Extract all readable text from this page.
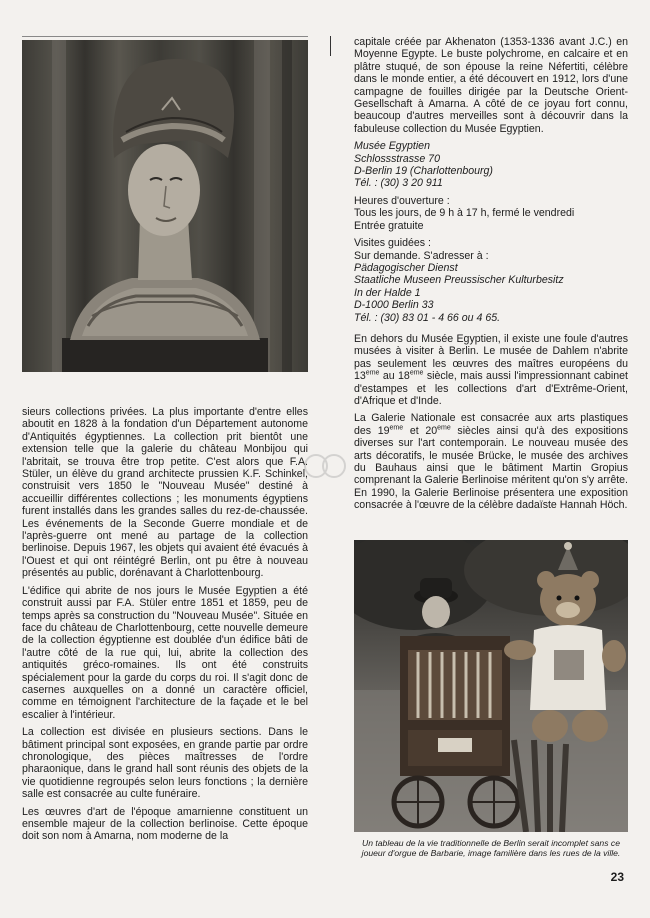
sieurs collections privées. La plus importante d'entre elles aboutit en 1828 à la fondation d'un Département autonome d'Antiquités égyptiennes. La collection prit bientôt une extension telle que la galerie du château Monbijou qui l'abritait, se trouva être trop petite. C'est alors que F.A. Stüler, un élève du grand architecte prussien K.F. Schinkel, construisit vers 1850 le "Nouveau Musée" destiné à accueillir différentes collections ; les monuments égyptiens furent installés dans les grandes salles du rez-de-chaussée. Les événements de la Seconde Guerre mondiale et de l'après-guerre ont mené au partage de la collection berlinoise. Depuis 1967, les objets qui avaient été évacués à l'Ouest et qui ont réintégré Berlin, ont pu être à nouveau présentés au public, dorénavant à Charlottenbourg.

L'édifice qui abrite de nos jours le Musée Egyptien a été construit aussi par F.A. Stüler entre 1851 et 1859, peu de temps après sa construction du "Nouveau Musée". Située en face du château de Charlottenbourg, cette nouvelle demeure de la collection égyptienne est doublée d'un édifice bâti de l'autre côté de la rue qui, lui, abrite la collection des antiquités gréco-romaines. Ils ont été construits spécialement pour la garde du corps du roi. Il s'agit donc de casernes auxquelles on a donné un caractère officiel, comme en témoignent l'architecture de la façade et le bel escalier à l'intérieur.

La collection est divisée en plusieurs sections. Dans le bâtiment principal sont exposées, en grande partie par ordre chronologique, des pièces maîtresses de l'ordre pharaonique, dans le grand hall sont réunis des objets de la vie quotidienne regroupés selon leurs fonctions ; la dernière salle est consacrée au culte funéraire.

Les œuvres d'art de l'époque amarnienne constituent un ensemble majeur de la collection berlinoise. Cette époque doit son nom à Amarna, nom moderne de la

capitale créée par Akhenaton (1353-1336 avant J.C.) en Moyenne Egypte. Le buste polychrome, en calcaire et en plâtre stuqué, de son épouse la reine Néfertiti, célèbre dans le monde entier, a été découvert en 1912, lors d'une campagne de fouilles dirigée par la Deutsche Orient-Gesellschaft à Amarna. A côté de ce joyau fort connu, beaucoup d'autres merveilles sont à découvrir dans la fabuleuse collection du Musée Egyptien.

Musée Egyptien
Schlossstrasse 70
D-Berlin 19 (Charlottenbourg)
Tél. : (30) 3 20 911
Heures d'ouverture :
Tous les jours, de 9 h à 17 h, fermé le vendredi
Entrée gratuite
Visites guidées :
Sur demande. S'adresser à :
Pädagogischer Dienst
Staatliche Museen Preussischer Kulturbesitz
In der Halde 1
D-1000 Berlin 33
Tél. : (30) 83 01 - 4 66 ou 4 65.

En dehors du Musée Egyptien, il existe une foule d'autres musées à visiter à Berlin. Le musée de Dahlem n'abrite pas seulement les œuvres des maîtres européens du 13eme au 18eme siècle, mais aussi l'impressionnant cabinet d'estampes et les collections d'art d'Extrême-Orient, d'Afrique et d'Inde.

La Galerie Nationale est consacrée aux arts plastiques des 19eme et 20eme siècles ainsi qu'à des expositions diverses sur l'art contemporain. Le nouveau musée des arts décoratifs, le musée Brücke, le musée des archives du Bauhaus ainsi que le bâtiment Martin Gropius comprenant la Galerie Berlinoise méritent qu'on s'y arrête. En 1990, la Galerie Berlinoise présentera une exposition consacrée à l'œuvre de la célèbre dadaïste Hannah Höch.

Un tableau de la vie traditionnelle de Berlin serait incomplet sans ce joueur d'orgue de Barbarie, image familière dans les rues de la ville.

23
